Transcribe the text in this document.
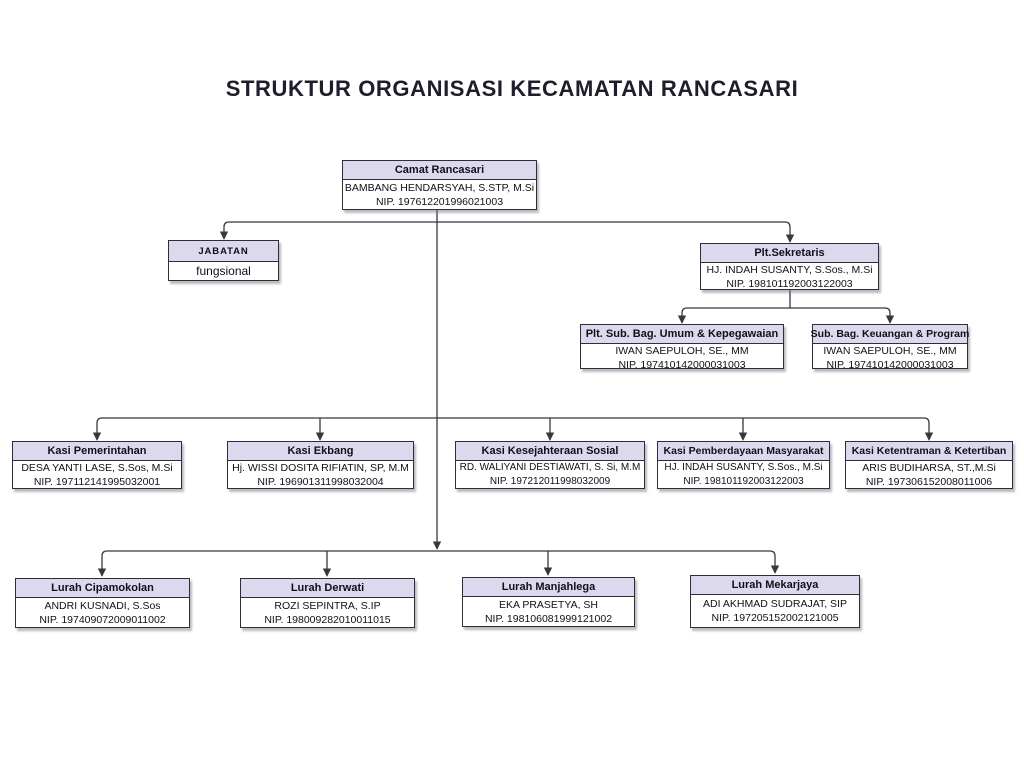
STRUKTUR ORGANISASI KECAMATAN RANCASARI
Camat Rancasari
BAMBANG HENDARSYAH, S.STP, M.Si
NIP. 197612201996021003
JABATAN
fungsional
Plt.Sekretaris
HJ. INDAH SUSANTY, S.Sos., M.Si
NIP. 198101192003122003
Plt. Sub. Bag. Umum & Kepegawaian
IWAN SAEPULOH, SE., MM
NIP. 197410142000031003
Sub. Bag. Keuangan & Program
IWAN SAEPULOH, SE., MM
NIP. 197410142000031003
Kasi Pemerintahan
DESA YANTI LASE, S.Sos, M.Si
NIP. 197112141995032001
Kasi Ekbang
Hj. WISSI DOSITA RIFIATIN, SP, M.M
NIP. 196901311998032004
Kasi Kesejahteraan Sosial
RD. WALIYANI DESTIAWATI, S. Si, M.M
NIP. 197212011998032009
Kasi Pemberdayaan Masyarakat
HJ. INDAH SUSANTY, S.Sos., M.Si
NIP. 198101192003122003
Kasi Ketentraman & Ketertiban
ARIS BUDIHARSA, ST.,M.Si
NIP. 197306152008011006
Lurah Cipamokolan
ANDRI KUSNADI, S.Sos
NIP. 197409072009011002
Lurah Derwati
ROZI SEPINTRA, S.IP
NIP. 198009282010011015
Lurah Manjahlega
EKA PRASETYA, SH
NIP. 198106081999121002
Lurah Mekarjaya
ADI AKHMAD SUDRAJAT, SIP
NIP. 197205152002121005
